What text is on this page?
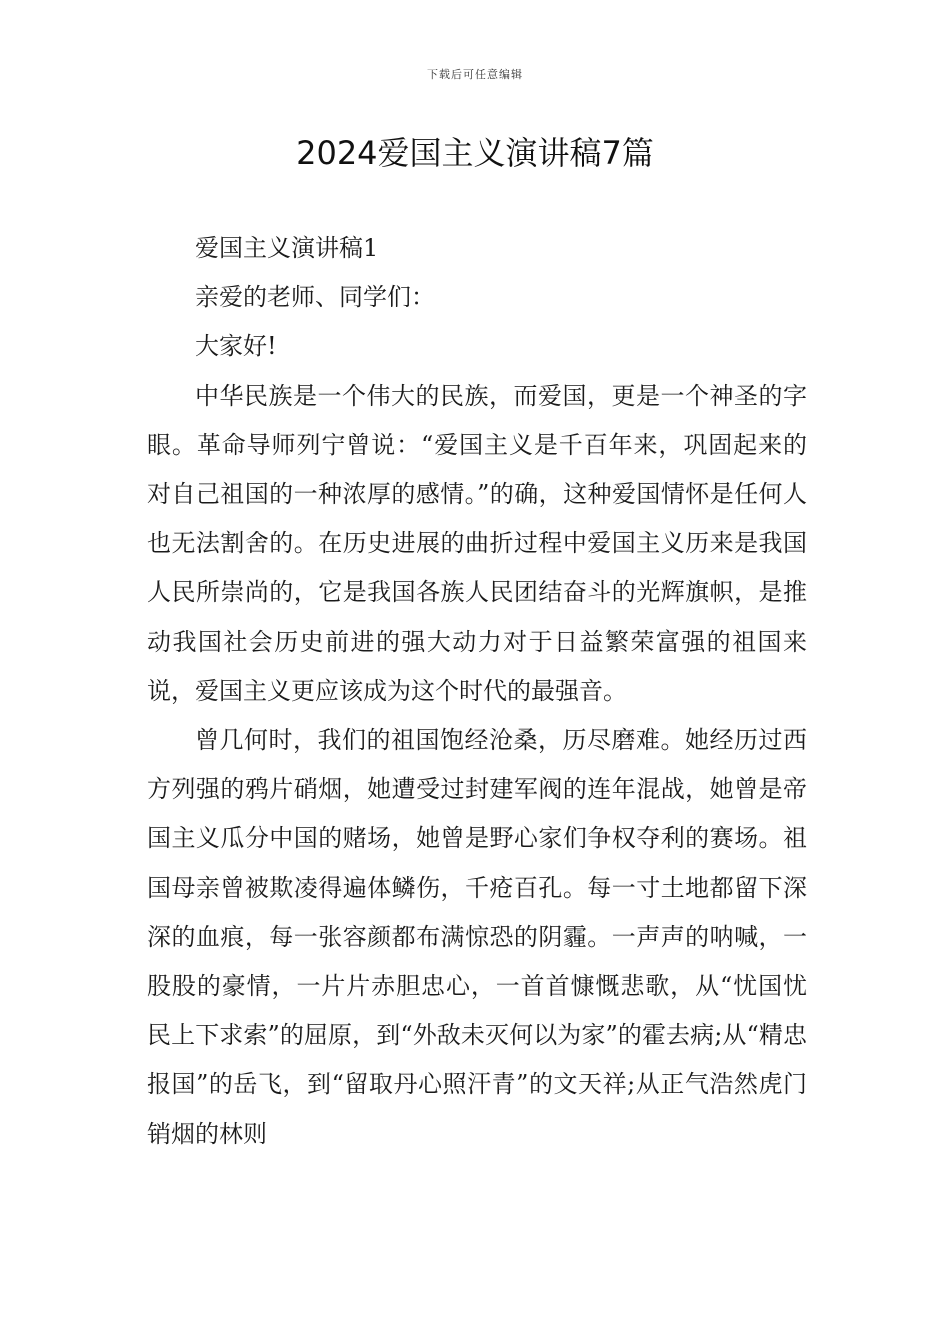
下载后可任意编辑
2024爱国主义演讲稿7篇

爱国主义演讲稿1

亲爱的老师、同学们：

大家好!

中华民族是一个伟大的民族，而爱国，更是一个神圣的字眼。革命导师列宁曾说：“爱国主义是千百年来，巩固起来的对自己祖国的一种浓厚的感情。”的确，这种爱国情怀是任何人也无法割舍的。在历史进展的曲折过程中爱国主义历来是我国人民所崇尚的，它是我国各族人民团结奋斗的光辉旗帜，是推动我国社会历史前进的强大动力对于日益繁荣富强的祖国来说，爱国主义更应该成为这个时代的最强音。

曾几何时，我们的祖国饱经沧桑，历尽磨难。她经历过西方列强的鸦片硝烟，她遭受过封建军阀的连年混战，她曾是帝国主义瓜分中国的赌场，她曾是野心家们争权夺利的赛场。祖国母亲曾被欺凌得遍体鳞伤，千疮百孔。每一寸土地都留下深深的血痕，每一张容颜都布满惊恐的阴霾。一声声的呐喊，一股股的豪情，一片片赤胆忠心，一首首慷慨悲歌，从“忧国忧民上下求索”的屈原，到“外敌未灭何以为家”的霍去病;从“精忠报国”的岳飞，到“留取丹心照汗青”的文天祥;从正气浩然虎门销烟的林则
